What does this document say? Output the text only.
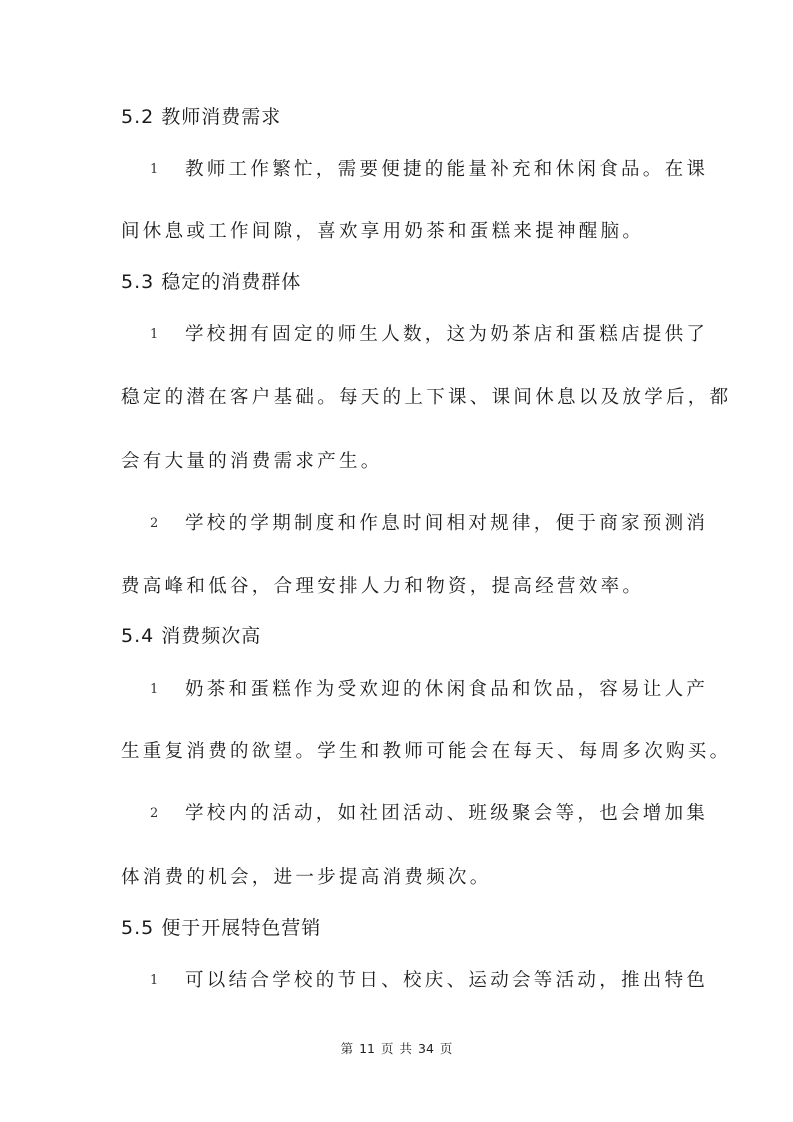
5.2 教师消费需求
1 教师工作繁忙，需要便捷的能量补充和休闲食品。在课
间休息或工作间隙，喜欢享用奶茶和蛋糕来提神醒脑。
5.3 稳定的消费群体
1 学校拥有固定的师生人数，这为奶茶店和蛋糕店提供了
稳定的潜在客户基础。每天的上下课、课间休息以及放学后，都
会有大量的消费需求产生。
2 学校的学期制度和作息时间相对规律，便于商家预测消
费高峰和低谷，合理安排人力和物资，提高经营效率。
5.4 消费频次高
1 奶茶和蛋糕作为受欢迎的休闲食品和饮品，容易让人产
生重复消费的欲望。学生和教师可能会在每天、每周多次购买。
2 学校内的活动，如社团活动、班级聚会等，也会增加集
体消费的机会，进一步提高消费频次。
5.5 便于开展特色营销
1 可以结合学校的节日、校庆、运动会等活动，推出特色
第 11 页 共 34 页
